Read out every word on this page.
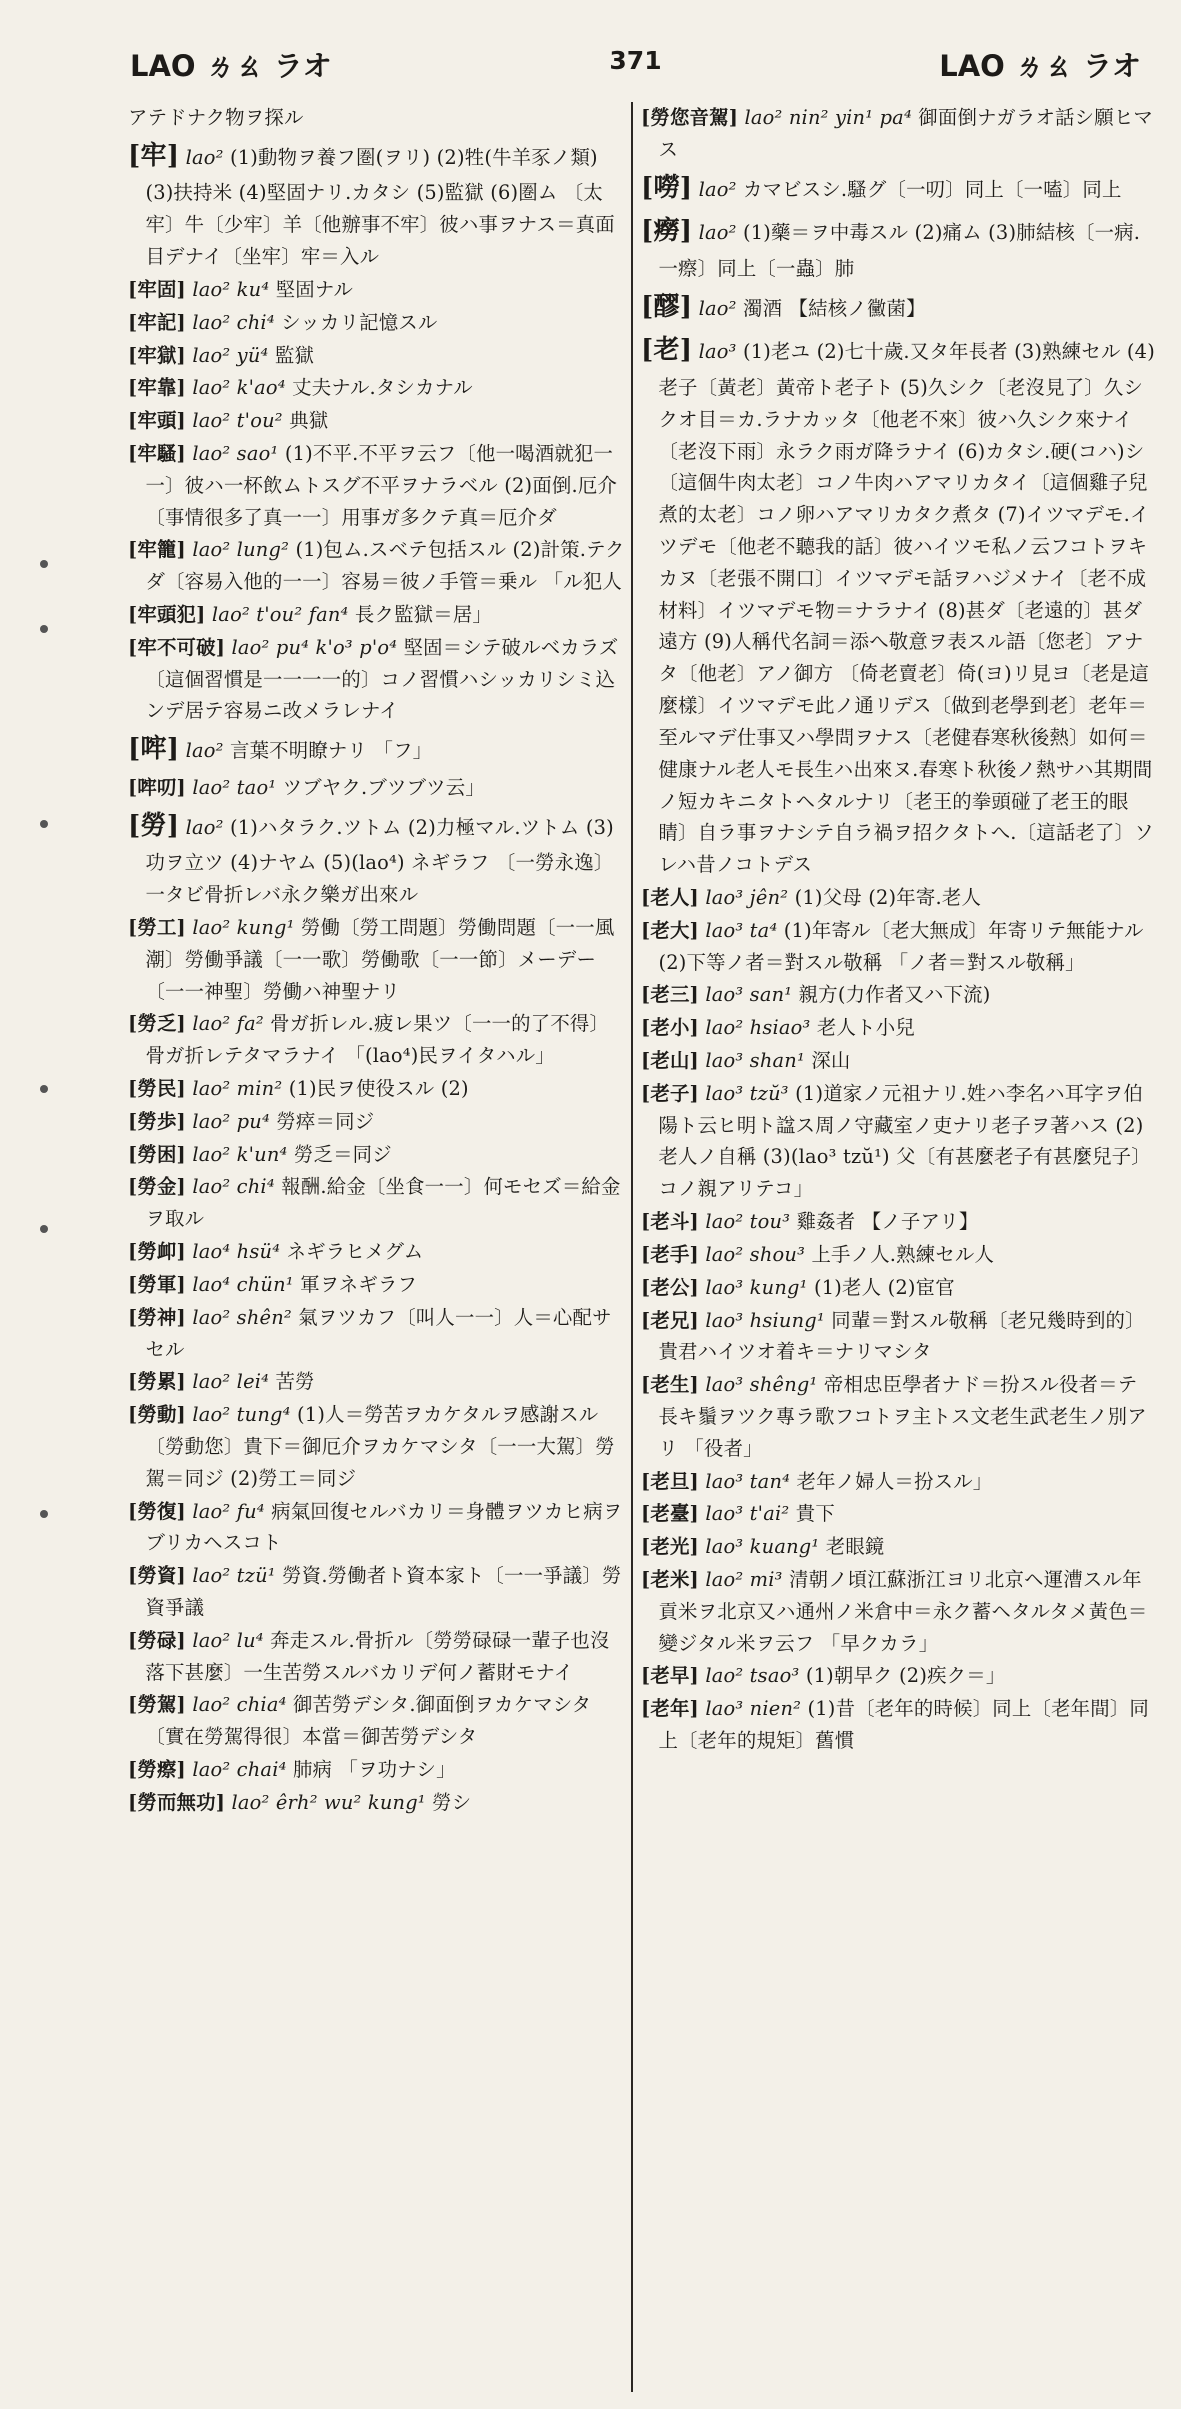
LAO ㄌㄠ ラオ	371	LAO ㄌㄠ ラオ
アテドナク物ヲ探ル
[牢] lao² (1)動物ヲ養フ圏(ヲリ) (2)牲(牛羊豕ノ類) (3)扶持米 (4)堅固ナリ.カタシ (5)監獄 (6)圏ム 〔太牢〕牛〔少牢〕羊〔他辦事不牢〕彼ハ事ヲナス＝真面目デナイ〔坐牢〕牢＝入ル
[牢固] lao² ku⁴ 堅固ナル
[牢記] lao² chi⁴ シッカリ記憶スル
[牢獄] lao² yü⁴ 監獄
[牢靠] lao² k'ao⁴ 丈夫ナル.タシカナル
[牢頭] lao² t'ou² 典獄
[牢騷] lao² sao¹ (1)不平.不平ヲ云フ〔他一喝酒就犯一一〕彼ハ一杯飲ムトスグ不平ヲナラベル (2)面倒.厄介〔事情很多了真一一〕用事ガ多クテ真＝厄介ダ
[牢籠] lao² lung² (1)包ム.スベテ包括スル (2)計策.テクダ〔容易入他的一一〕容易＝彼ノ手管＝乗ル 「ル犯人
[牢頭犯] lao² t'ou² fan⁴ 長ク監獄＝居」
[牢不可破] lao² pu⁴ k'o³ p'o⁴ 堅固＝シテ破ルベカラズ〔這個習慣是一一一一的〕コノ習慣ハシッカリシミ込ンデ居テ容易ニ改メラレナイ
[哰] lao² 言葉不明瞭ナリ 「フ」
[哰叨] lao² tao¹ ツブヤク.ブツブツ云」
[勞] lao² (1)ハタラク.ツトム (2)力極マル.ツトム (3)功ヲ立ツ (4)ナヤム (5)(lao⁴) ネギラフ 〔一勞永逸〕一タビ骨折レバ永ク樂ガ出來ル
[勞工] lao² kung¹ 勞働〔勞工問題〕勞働問題〔一一風潮〕勞働爭議〔一一歌〕勞働歌〔一一節〕メーデー〔一一神聖〕勞働ハ神聖ナリ
[勞乏] lao² fa² 骨ガ折レル.疲レ果ツ〔一一的了不得〕骨ガ折レテタマラナイ 「(lao⁴)民ヲイタハル」
[勞民] lao² min² (1)民ヲ使役スル (2)
[勞歩] lao² pu⁴ 勞瘁＝同ジ
[勞困] lao² k'un⁴ 勞乏＝同ジ
[勞金] lao² chi⁴ 報酬.給金〔坐食一一〕何モセズ＝給金ヲ取ル
[勞卹] lao⁴ hsü⁴ ネギラヒメグム
[勞軍] lao⁴ chün¹ 軍ヲネギラフ
[勞神] lao² shên² 氣ヲツカフ〔叫人一一〕人＝心配サセル
[勞累] lao² lei⁴ 苦勞
[勞動] lao² tung⁴ (1)人＝勞苦ヲカケタルヲ感謝スル〔勞動您〕貴下＝御厄介ヲカケマシタ〔一一大駕〕勞駕＝同ジ (2)勞工＝同ジ
[勞復] lao² fu⁴ 病氣回復セルバカリ＝身體ヲツカヒ病ヲブリカヘスコト
[勞資] lao² tzü¹ 勞資.勞働者ト資本家ト〔一一爭議〕勞資爭議
[勞碌] lao² lu⁴ 奔走スル.骨折ル〔勞勞碌碌一輩子也沒落下甚麼〕一生苦勞スルバカリデ何ノ蓄財モナイ
[勞駕] lao² chia⁴ 御苦勞デシタ.御面倒ヲカケマシタ〔實在勞駕得很〕本當＝御苦勞デシタ
[勞瘵] lao² chai⁴ 肺病 「ヲ功ナシ」
[勞而無功] lao² êrh² wu² kung¹ 勞シ
[勞您音駕] lao² nin² yin¹ pa⁴ 御面倒ナガラオ話シ願ヒマス
[嘮] lao² カマビスシ.騷グ〔一叨〕同上〔一嗑〕同上
[癆] lao² (1)藥＝ヲ中毒スル (2)痛ム (3)肺結核〔一病.一瘵〕同上〔一蟲〕肺
[醪] lao² 濁酒 【結核ノ黴菌】
[老] lao³ (1)老ユ (2)七十歲.又タ年長者 (3)熟練セル (4)老子〔黃老〕黃帝ト老子ト (5)久シク〔老沒見了〕久シクオ目＝カ.ラナカッタ〔他老不來〕彼ハ久シク來ナイ〔老沒下雨〕永ラク雨ガ降ラナイ (6)カタシ.硬(コハ)シ〔這個牛肉太老〕コノ牛肉ハアマリカタイ〔這個雞子兒煮的太老〕コノ卵ハアマリカタク煮タ (7)イツマデモ.イツデモ〔他老不聽我的話〕彼ハイツモ私ノ云フコトヲキカヌ〔老張不開口〕イツマデモ話ヲハジメナイ〔老不成材料〕イツマデモ物＝ナラナイ (8)甚ダ〔老遠的〕甚ダ遠方 (9)人稱代名詞＝添へ敬意ヲ表スル語〔您老〕アナタ〔他老〕アノ御方 〔倚老賣老〕倚(ヨ)リ見ヨ〔老是這麼樣〕イツマデモ此ノ通リデス〔做到老學到老〕老年＝至ルマデ仕事又ハ學問ヲナス〔老健春寒秋後熱〕如何＝健康ナル老人モ長生ハ出來ヌ.春寒ト秋後ノ熱サハ其期間ノ短カキニタトヘタルナリ〔老王的拳頭碰了老王的眼睛〕自ラ事ヲナシテ自ラ禍ヲ招クタトへ.〔這話老了〕ソレハ昔ノコトデス
[老人] lao³ jên² (1)父母 (2)年寄.老人
[老大] lao³ ta⁴ (1)年寄ル〔老大無成〕年寄リテ無能ナル (2)下等ノ者＝對スル敬稱 「ノ者＝對スル敬稱」
[老三] lao³ san¹ 親方(力作者又ハ下流)
[老小] lao² hsiao³ 老人ト小兒
[老山] lao³ shan¹ 深山
[老子] lao³ tzŭ³ (1)道家ノ元祖ナリ.姓ハ李名ハ耳字ヲ伯陽ト云ヒ明ト諡ス周ノ守藏室ノ吏ナリ老子ヲ著ハス (2)老人ノ自稱 (3)(lao³ tzŭ¹) 父〔有甚麼老子有甚麼兒子〕コノ親アリテコ」
[老斗] lao² tou³ 雞姦者 【ノ子アリ】
[老手] lao² shou³ 上手ノ人.熟練セル人
[老公] lao³ kung¹ (1)老人 (2)宦官
[老兄] lao³ hsiung¹ 同輩＝對スル敬稱〔老兄幾時到的〕貴君ハイツオ着キ＝ナリマシタ
[老生] lao³ shêng¹ 帝相忠臣學者ナド＝扮スル役者＝テ長キ鬚ヲツク專ラ歌フコトヲ主トス文老生武老生ノ別アリ 「役者」
[老旦] lao³ tan⁴ 老年ノ婦人＝扮スル」
[老臺] lao³ t'ai² 貴下
[老光] lao³ kuang¹ 老眼鏡
[老米] lao² mi³ 清朝ノ頃江蘇浙江ヨリ北京ヘ運漕スル年貢米ヲ北京又ハ通州ノ米倉中＝永ク蓄ヘタルタメ黃色＝變ジタル米ヲ云フ 「早クカラ」
[老早] lao² tsao³ (1)朝早ク (2)疾ク＝」
[老年] lao³ nien² (1)昔〔老年的時候〕同上〔老年間〕同上〔老年的規矩〕舊慣
